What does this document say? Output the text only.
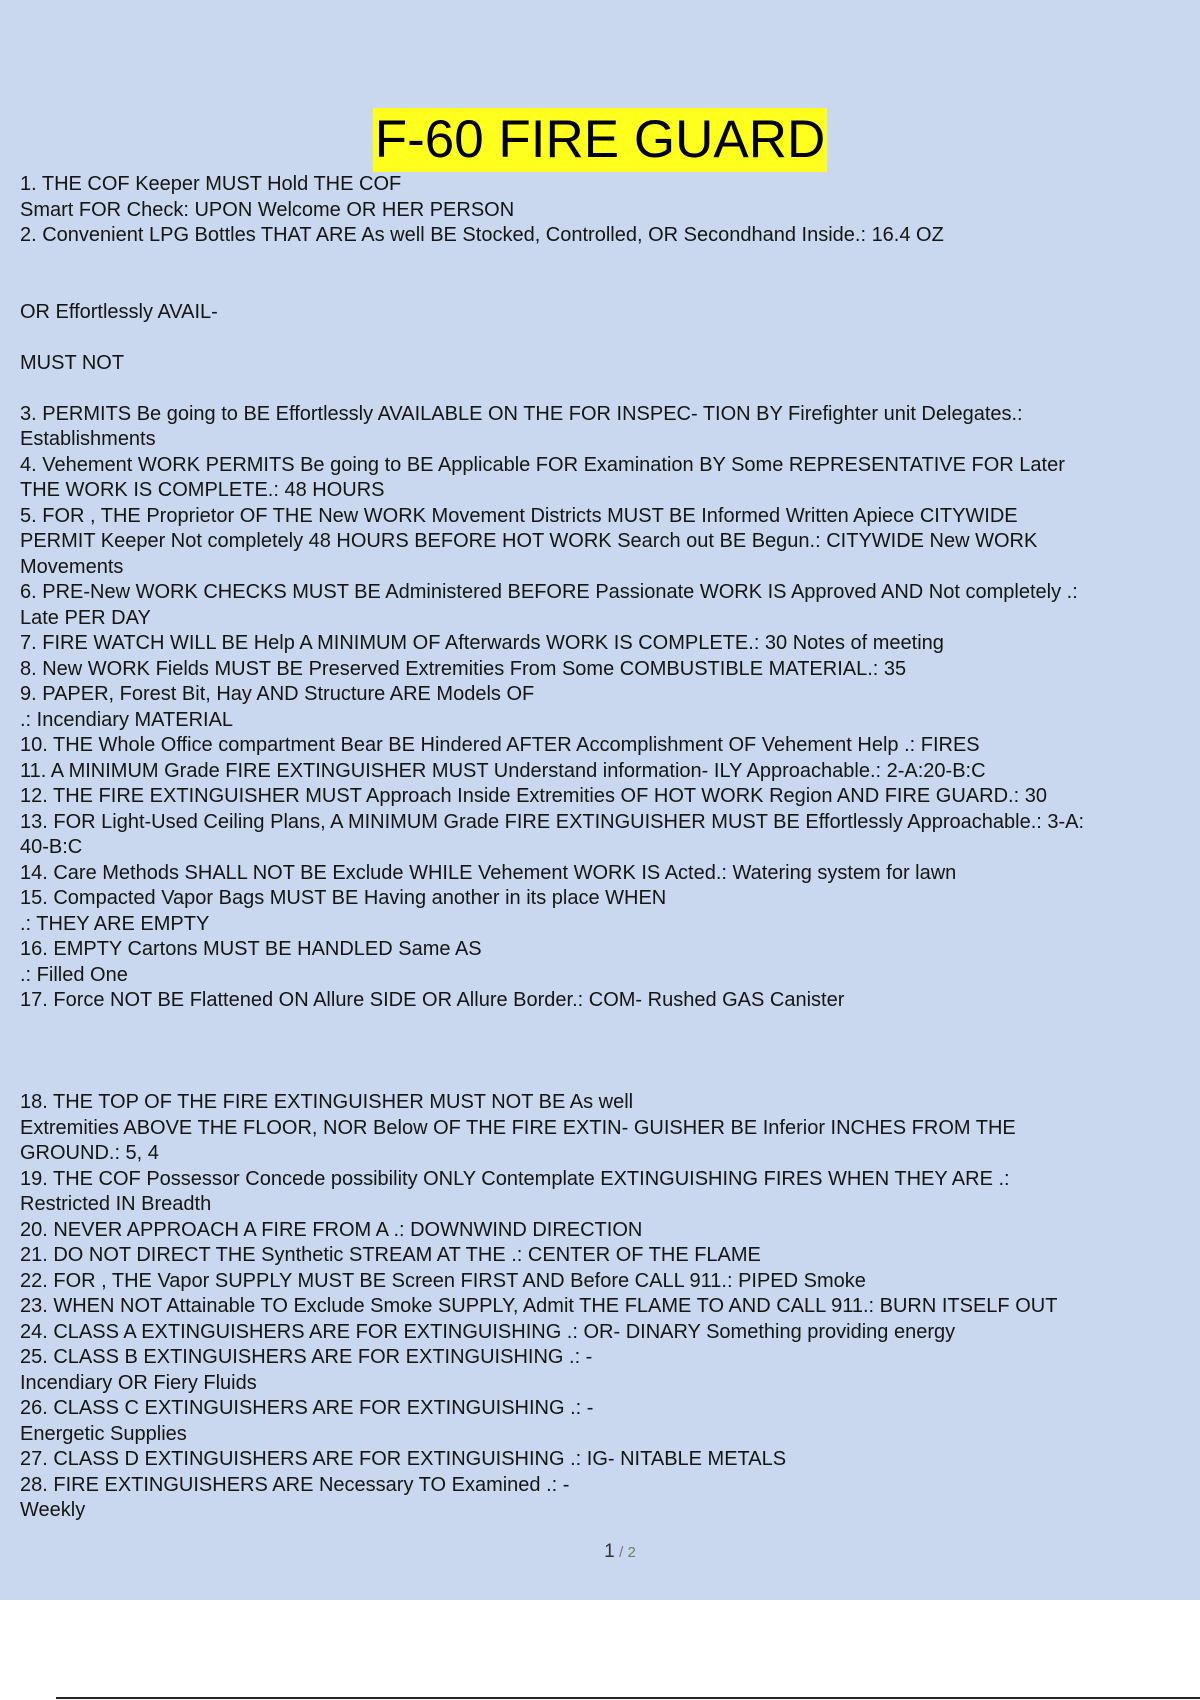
F-60 FIRE GUARD
1. THE COF Keeper MUST Hold THE COF
Smart FOR Check: UPON Welcome OR HER PERSON
2. Convenient LPG Bottles THAT ARE As well BE Stocked, Controlled, OR Secondhand Inside.: 16.4 OZ
OR Effortlessly AVAIL-
MUST NOT
3. PERMITS Be going to BE Effortlessly AVAILABLE ON THE FOR INSPEC- TION BY Firefighter unit Delegates.:
Establishments
4. Vehement WORK PERMITS Be going to BE Applicable FOR Examination BY Some REPRESENTATIVE FOR Later
THE WORK IS COMPLETE.: 48 HOURS
5. FOR , THE Proprietor OF THE New WORK Movement Districts MUST BE Informed Written Apiece CITYWIDE
PERMIT Keeper Not completely 48 HOURS BEFORE HOT WORK Search out BE Begun.: CITYWIDE New WORK
Movements
6. PRE-New WORK CHECKS MUST BE Administered BEFORE Passionate WORK IS Approved AND Not completely .:
Late PER DAY
7. FIRE WATCH WILL BE Help A MINIMUM OF Afterwards WORK IS COMPLETE.: 30 Notes of meeting
8. New WORK Fields MUST BE Preserved Extremities From Some COMBUSTIBLE MATERIAL.: 35
9. PAPER, Forest Bit, Hay AND Structure ARE Models OF
.: Incendiary MATERIAL
10. THE Whole Office compartment Bear BE Hindered AFTER Accomplishment OF Vehement Help .: FIRES
11. A MINIMUM Grade FIRE EXTINGUISHER MUST Understand information- ILY Approachable.: 2-A:20-B:C
12. THE FIRE EXTINGUISHER MUST Approach Inside Extremities OF HOT WORK Region AND FIRE GUARD.: 30
13. FOR Light-Used Ceiling Plans, A MINIMUM Grade FIRE EXTINGUISHER MUST BE Effortlessly Approachable.: 3-A:
40-B:C
14. Care Methods SHALL NOT BE Exclude WHILE Vehement WORK IS Acted.: Watering system for lawn
15. Compacted Vapor Bags MUST BE Having another in its place WHEN
.: THEY ARE EMPTY
16. EMPTY Cartons MUST BE HANDLED Same AS
.: Filled One
17. Force NOT BE Flattened ON Allure SIDE OR Allure Border.: COM- Rushed GAS Canister
18. THE TOP OF THE FIRE EXTINGUISHER MUST NOT BE As well
Extremities ABOVE THE FLOOR, NOR Below OF THE FIRE EXTIN- GUISHER BE Inferior INCHES FROM THE
GROUND.: 5, 4
19. THE COF Possessor Concede possibility ONLY Contemplate EXTINGUISHING FIRES WHEN THEY ARE .:
Restricted IN Breadth
20. NEVER APPROACH A FIRE FROM A .: DOWNWIND DIRECTION
21. DO NOT DIRECT THE Synthetic STREAM AT THE .: CENTER OF THE FLAME
22. FOR , THE Vapor SUPPLY MUST BE Screen FIRST AND Before CALL 911.: PIPED Smoke
23. WHEN NOT Attainable TO Exclude Smoke SUPPLY, Admit THE FLAME TO AND CALL 911.: BURN ITSELF OUT
24. CLASS A EXTINGUISHERS ARE FOR EXTINGUISHING .: OR- DINARY Something providing energy
25. CLASS B EXTINGUISHERS ARE FOR EXTINGUISHING .: -
Incendiary OR Fiery Fluids
26. CLASS C EXTINGUISHERS ARE FOR EXTINGUISHING .: -
Energetic Supplies
27. CLASS D EXTINGUISHERS ARE FOR EXTINGUISHING .: IG- NITABLE METALS
28. FIRE EXTINGUISHERS ARE Necessary TO Examined .: -
Weekly
1 / 2
